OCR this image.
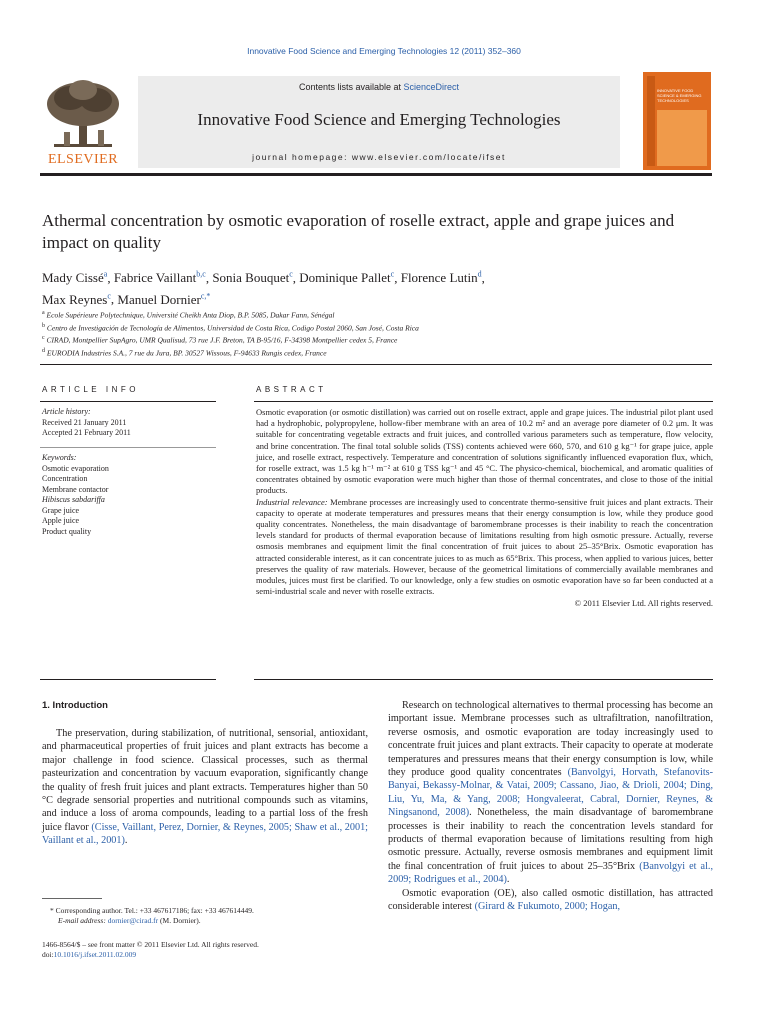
Innovative Food Science and Emerging Technologies 12 (2011) 352–360
ELSEVIER
Contents lists available at ScienceDirect
Innovative Food Science and Emerging Technologies
journal homepage: www.elsevier.com/locate/ifset
INNOVATIVE FOOD SCIENCE & EMERGING TECHNOLOGIES
Athermal concentration by osmotic evaporation of roselle extract, apple and grape juices and impact on quality
Mady Cissé$^a$, Fabrice Vaillant$^{b,c}$, Sonia Bouquet$^c$, Dominique Pallet$^c$, Florence Lutin$^d$,
Max Reynes$^c$, Manuel Dornier$^{c,*}$
$^a$ Ecole Supérieure Polytechnique, Université Cheikh Anta Diop, B.P. 5085, Dakar Fann, Sénégal
$^b$ Centro de Investigación de Tecnología de Alimentos, Universidad de Costa Rica, Codigo Postal 2060, San José, Costa Rica
$^c$ CIRAD, Montpellier SupAgro, UMR Qualisud, 73 rue J.F. Breton, TA B-95/16, F-34398 Montpellier cedex 5, France
$^d$ EURODIA Industries S.A., 7 rue du Jura, BP. 30527 Wissous, F-94633 Rungis cedex, France
ARTICLE INFO
Article history:
Received 21 January 2011
Accepted 21 February 2011
Keywords:
Osmotic evaporation
Concentration
Membrane contactor
Hibiscus sabdariffa
Grape juice
Apple juice
Product quality
ABSTRACT

Osmotic evaporation (or osmotic distillation) was carried out on roselle extract, apple and grape juices. The industrial pilot plant used had a hydrophobic, polypropylene, hollow-fiber membrane with an area of 10.2 m² and an average pore diameter of 0.2 μm. It was suitable for concentrating vegetable extracts and fruit juices, and controlled various parameters such as temperature, flow velocity, and brine concentration. The final total soluble solids (TSS) contents achieved were 660, 570, and 610 g kg⁻¹ for grape juice, apple juice, and roselle extract, respectively. Temperature and concentration of solutions significantly influenced evaporation flux, which, for roselle extract, was 1.5 kg h⁻¹ m⁻² at 610 g TSS kg⁻¹ and 45 °C. The physico-chemical, biochemical, and aromatic qualities of concentrates obtained by osmotic evaporation were much higher than those of thermal concentrates, and close to those of the initial products.

Industrial relevance: Membrane processes are increasingly used to concentrate thermo-sensitive fruit juices and plant extracts. Their capacity to operate at moderate temperatures and pressures means that their energy consumption is low, while they produce good quality concentrates. Nonetheless, the main disadvantage of baromembrane processes is their inability to reach the concentration levels standard for products of thermal evaporation because of limitations resulting from high osmotic pressure. Actually, reverse osmosis membranes and equipment limit the final concentration of fruit juices to about 25–35°Brix. Osmotic evaporation has attracted considerable interest, as it can concentrate juices to as much as 65°Brix. This process, when applied to various juices, better preserves the quality of raw materials. However, because of the geometrical limitations of commercially available membranes and modules, juices must first be clarified. To our knowledge, only a few studies on osmotic evaporation have so far been conducted at a semi-industrial scale and never with roselle extracts.

© 2011 Elsevier Ltd. All rights reserved.

1. Introduction

The preservation, during stabilization, of nutritional, sensorial, antioxidant, and pharmaceutical properties of fruit juices and plant extracts has become a major challenge in food science. Classical processes, such as thermal pasteurization and concentration by vacuum evaporation, significantly change the quality of fresh fruit juices and plant extracts. Temperatures higher than 50 °C degrade sensorial properties and nutritional compounds such as vitamins, and induce a loss of aroma compounds, leading to a partial loss of the fresh juice flavor (Cisse, Vaillant, Perez, Dornier, & Reynes, 2005; Shaw et al., 2001; Vaillant et al., 2001).

Research on technological alternatives to thermal processing has become an important issue. Membrane processes such as ultrafiltration, nanofiltration, reverse osmosis, and osmotic evaporation are today increasingly used to concentrate fruit juices and plant extracts. Their capacity to operate at moderate temperatures and pressures means that their energy consumption is low, while they produce good quality concentrates (Banvolgyi, Horvath, Stefanovits-Banyai, Bekassy-Molnar, & Vatai, 2009; Cassano, Jiao, & Drioli, 2004; Ding, Liu, Yu, Ma, & Yang, 2008; Hongvaleerat, Cabral, Dornier, Reynes, & Ningsanond, 2008). Nonetheless, the main disadvantage of baromembrane processes is their inability to reach the concentration levels standard for products of thermal evaporation because of limitations resulting from high osmotic pressure. Actually, reverse osmosis membranes and equipment limit the final concentration of fruit juices to about 25–35°Brix (Banvolgyi et al., 2009; Rodrigues et al., 2004).

Osmotic evaporation (OE), also called osmotic distillation, has attracted considerable interest (Girard & Fukumoto, 2000; Hogan,

* Corresponding author. Tel.: +33 467617186; fax: +33 467614449.
E-mail address: dornier@cirad.fr (M. Dornier).
1466-8564/$ – see front matter © 2011 Elsevier Ltd. All rights reserved.
doi:10.1016/j.ifset.2011.02.009
